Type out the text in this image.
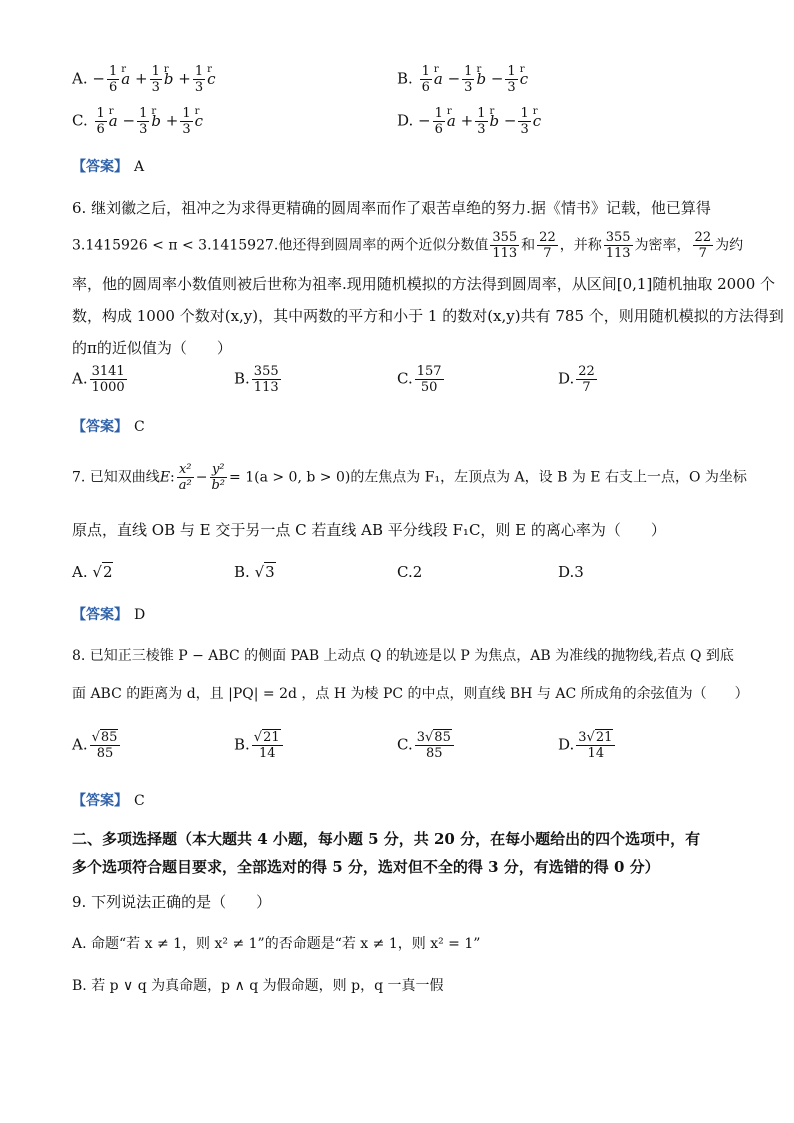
A. − $\frac{1}{6}$ r $a + \frac{1}{3}$ r $b + \frac{1}{3}$ r c	B. $\frac{1}{6}$ r $a - \frac{1}{3}$ r $b - \frac{1}{3}$ r c
C. $\frac{1}{6}$ r $a - \frac{1}{3}$ r $b + \frac{1}{3}$ r c	D. − $\frac{1}{6}$ r $a + \frac{1}{3}$ r $b - \frac{1}{3}$ r c
【答案】 A
6. 继刘徽之后，祖冲之为求得更精确的圆周率而作了艰苦卓绝的努力.据《情书》记载，他已算得
3.1415926 < π < 3.1415927.他还得到圆周率的两个近似分数值 $\frac{355}{113}$ 和 $\frac{22}{7}$ ，并称 $\frac{355}{113}$ 为密率， $\frac{22}{7}$ 为约
率，他的圆周率小数值则被后世称为祖率.现用随机模拟的方法得到圆周率，从区间[0,1]随机抽取 2000 个
数，构成 1000 个数对(x,y)，其中两数的平方和小于 1 的数对(x,y)共有 785 个，则用随机模拟的方法得到
的π的近似值为（　　）
A. $\frac{3141}{1000}$	B. $\frac{355}{113}$	C. $\frac{157}{50}$	D. $\frac{22}{7}$
【答案】 C
7. 已知双曲线E: $\frac{\text{x²}}{\text{a²}} - \frac{\text{y²}}{\text{b²}} = 1(a > 0$, b > 0)的左焦点为 F₁，左顶点为 A，设 B 为 E 右支上一点，O 为坐标
原点，直线 OB 与 E 交于另一点 C 若直线 AB 平分线段 F₁C，则 E 的离心率为（　　）
A. √2	B. √3	C.2	D.3
【答案】 D
8. 已知正三棱锥 P − ABC 的侧面 PAB 上动点 Q 的轨迹是以 P 为焦点，AB 为准线的抛物线,若点 Q 到底
面 ABC 的距离为 d，且 |PQ| = 2d ，点 H 为棱 PC 的中点，则直线 BH 与 AC 所成角的余弦值为（　　）
A. $\frac{√85}{85}$	B. $\frac{√21}{14}$	C. $\frac{3√85}{85}$	D. $\frac{3√21}{14}$
【答案】 C
二、多项选择题（本大题共 4 小题，每小题 5 分，共 20 分，在每小题给出的四个选项中，有
多个选项符合题目要求，全部选对的得 5 分，选对但不全的得 3 分，有选错的得 0 分）
9. 下列说法正确的是（　　）
A. 命题“若 x ≠ 1，则 x² ≠ 1”的否命题是“若 x ≠ 1，则 x² = 1”
B. 若 p ∨ q 为真命题，p ∧ q 为假命题，则 p，q 一真一假
